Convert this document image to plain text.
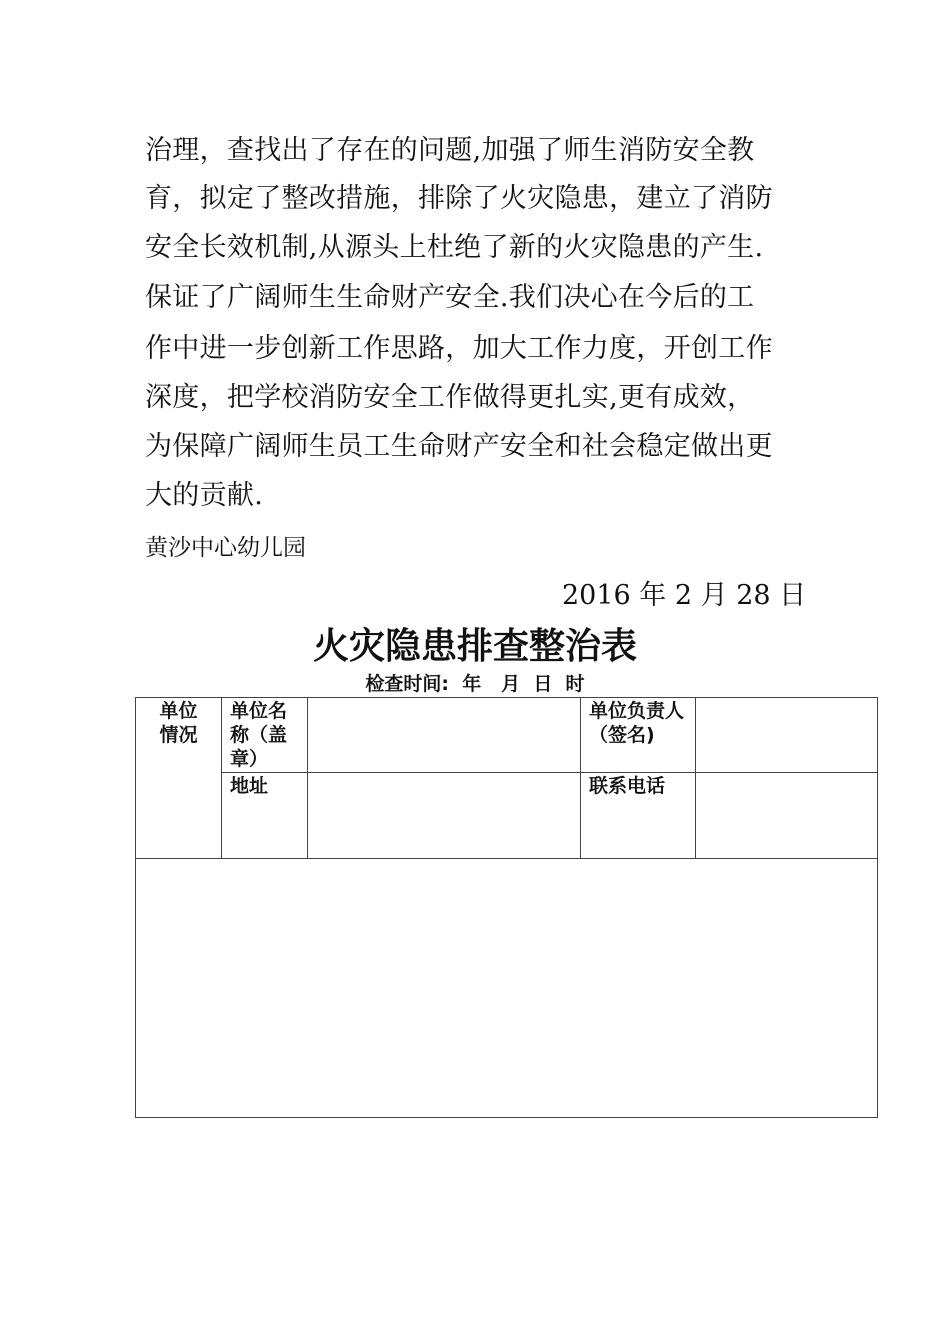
治理，查找出了存在的问题,加强了师生消防安全教
育，拟定了整改措施，排除了火灾隐患，建立了消防
安全长效机制,从源头上杜绝了新的火灾隐患的产生.
保证了广阔师生生命财产安全.我们决心在今后的工
作中进一步创新工作思路，加大工作力度，开创工作
深度，把学校消防安全工作做得更扎实,更有成效，
为保障广阔师生员工生命财产安全和社会稳定做出更
大的贡献.
黄沙中心幼儿园
2016 年 2 月 28 日
火灾隐患排查整治表
检查时间:  年   月  日  时
单位
情况	单位名称（盖章）		单位负责人（签名)	
	地址		联系电话	
